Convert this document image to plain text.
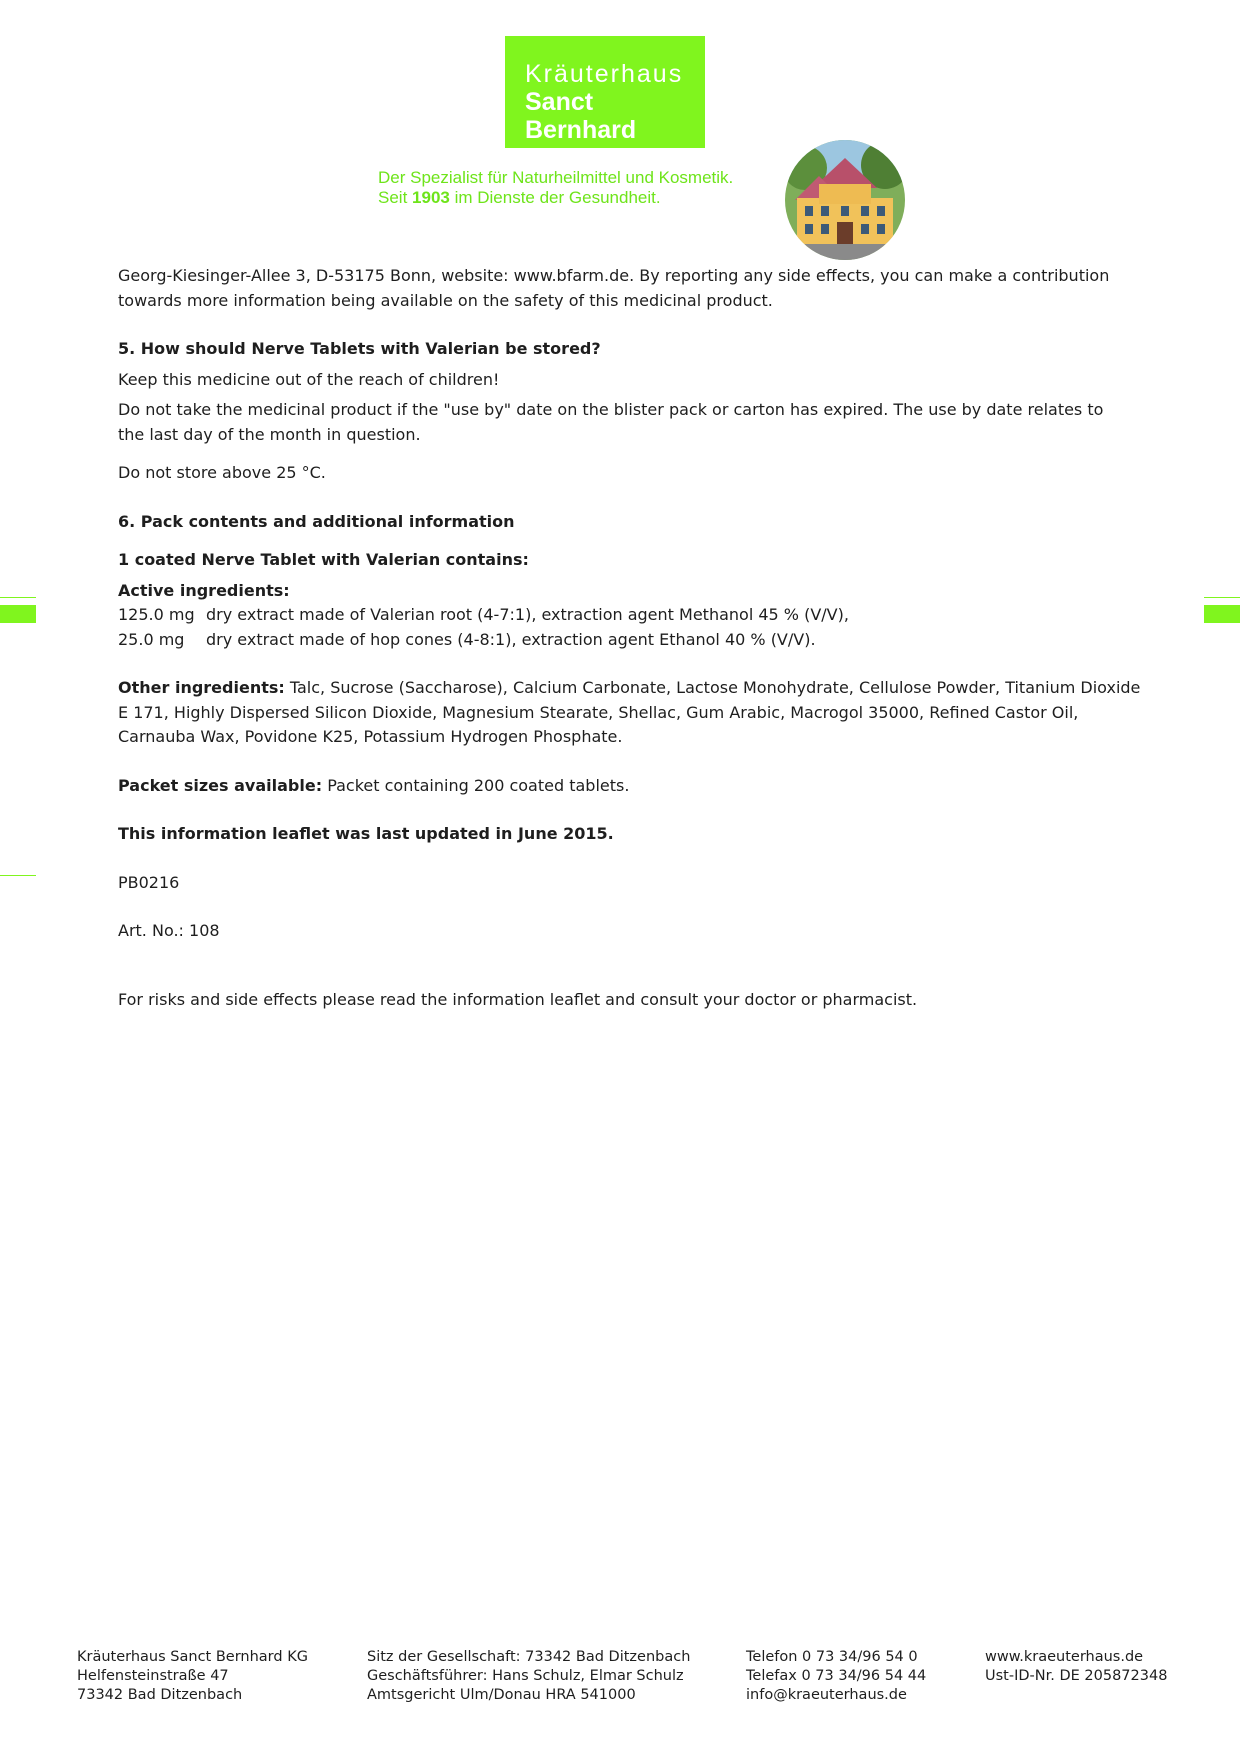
Kräuterhaus
Sanct Bernhard
Der Spezialist für Naturheilmittel und Kosmetik.
Seit 1903 im Dienste der Gesundheit.

Georg-Kiesinger-Allee 3, D-53175 Bonn, website: www.bfarm.de. By reporting any side effects, you can make a contribution towards more information being available on the safety of this medicinal product.

5. How should Nerve Tablets with Valerian be stored?

Keep this medicine out of the reach of children!

Do not take the medicinal product if the "use by" date on the blister pack or carton has expired. The use by date relates to the last day of the month in question.

Do not store above 25 °C.

6. Pack contents and additional information

1 coated Nerve Tablet with Valerian contains:

Active ingredients:

125.0 mg dry extract made of Valerian root (4-7:1), extraction agent Methanol 45 % (V/V),
25.0 mg	dry extract made of hop cones (4-8:1), extraction agent Ethanol 40 % (V/V).

Other ingredients: Talc, Sucrose (Saccharose), Calcium Carbonate, Lactose Monohydrate, Cellulose Powder, Titanium Dioxide E 171, Highly Dispersed Silicon Dioxide, Magnesium Stearate, Shellac, Gum Arabic, Macrogol 35000, Refined Castor Oil, Carnauba Wax, Povidone K25, Potassium Hydrogen Phosphate.

Packet sizes available: Packet containing 200 coated tablets.

This information leaflet was last updated in June 2015.

PB0216

Art. No.: 108

For risks and side effects please read the information leaflet and consult your doctor or pharmacist.

Kräuterhaus Sanct Bernhard KG
Helfensteinstraße 47
73342 Bad Ditzenbach
Sitz der Gesellschaft: 73342 Bad Ditzenbach
Geschäftsführer: Hans Schulz, Elmar Schulz
Amtsgericht Ulm/Donau HRA 541000
Telefon 0 73 34/96 54 0
Telefax 0 73 34/96 54 44
info@kraeuterhaus.de
www.kraeuterhaus.de
Ust-ID-Nr. DE 205872348
